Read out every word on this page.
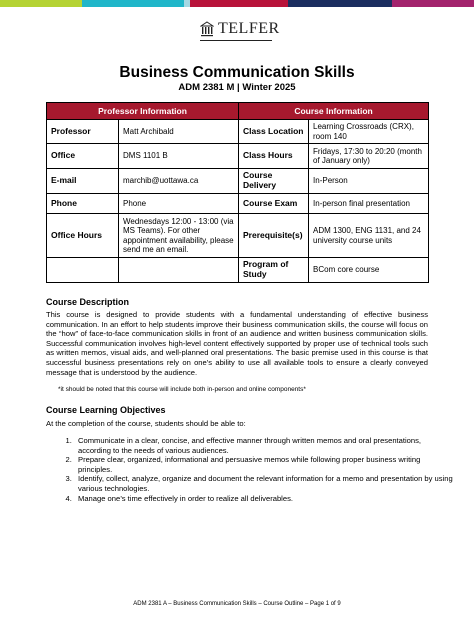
TELFER
Business Communication Skills
ADM 2381 M | Winter 2025
Professor Information		Course Information	
Professor	Matt Archibald	Class Location	Learning Crossroads (CRX), room 140
Office	DMS 1101 B	Class Hours	Fridays, 17:30 to 20:20 (month of January only)
E-mail	marchib@uottawa.ca	Course Delivery	In-Person
Phone	Phone	Course Exam	In-person final presentation
Office Hours	Wednesdays 12:00 - 13:00 (via MS Teams). For other appointment availability, please send me an email.	Prerequisite(s)	ADM 1300, ENG 1131, and 24 university course units
		Program of Study	BCom core course
Course Description
This course is designed to provide students with a fundamental understanding of effective business communication. In an effort to help students improve their business communication skills, the course will focus on the “how” of face-to-face communication skills in front of an audience and written business communication skills. Successful communication involves high-level content effectively supported by proper use of technical tools such as written memos, visual aids, and well-planned oral presentations. The basic premise used in this course is that successful business presentations rely on one’s ability to use all available tools to ensure a clearly conveyed message that is understood by the audience.
*it should be noted that this course will include both in-person and online components*
Course Learning Objectives
At the completion of the course, students should be able to:
1. Communicate in a clear, concise, and effective manner through written memos and oral presentations, according to the needs of various audiences.
2. Prepare clear, organized, informational and persuasive memos while following proper business writing principles.
3. Identify, collect, analyze, organize and document the relevant information for a memo and presentation by using various technologies.
4. Manage one’s time effectively in order to realize all deliverables.
ADM 2381 A – Business Communication Skills – Course Outline – Page 1 of 9
